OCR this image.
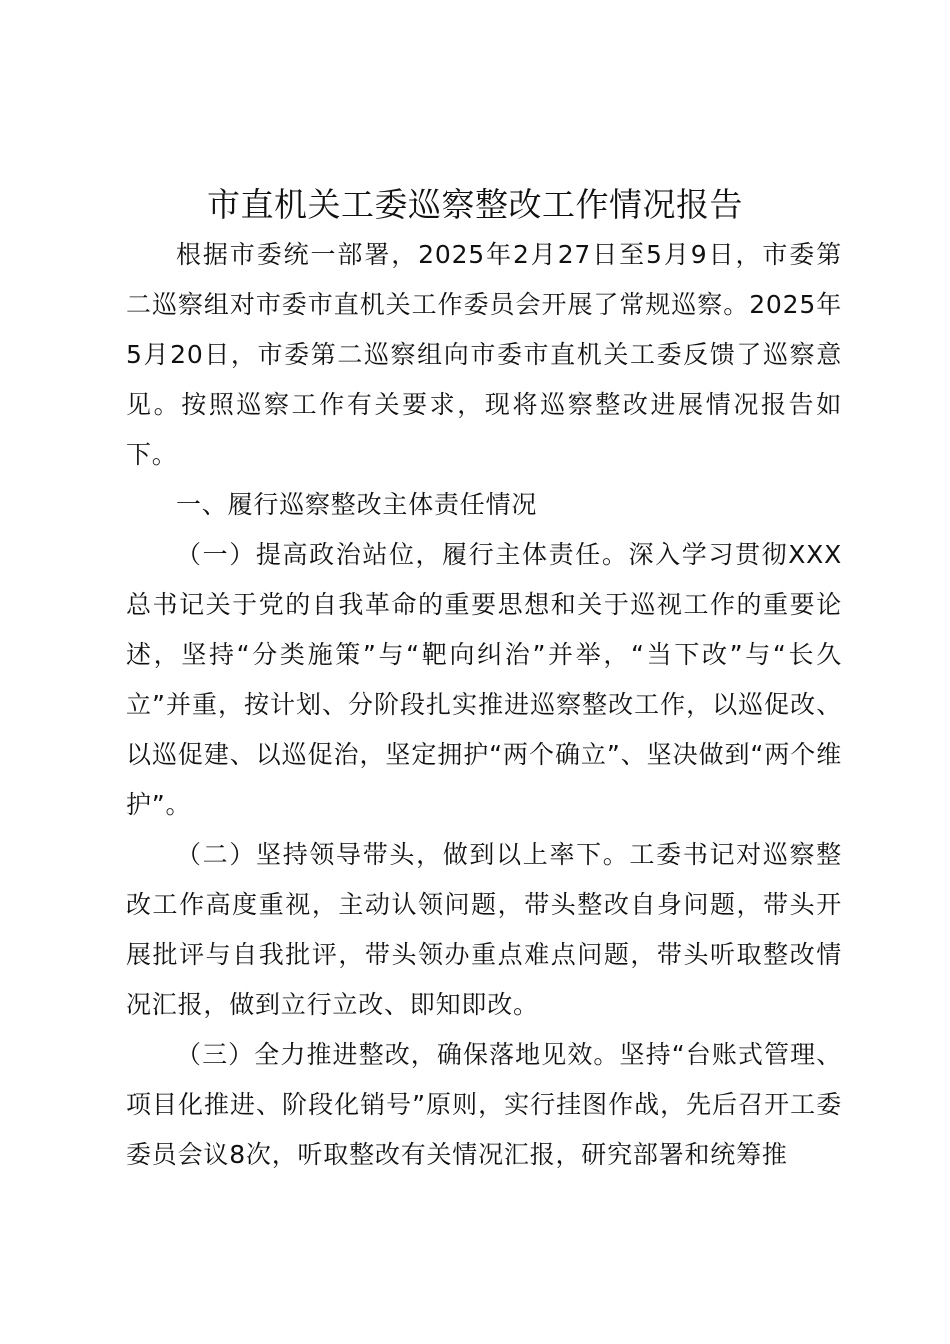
市直机关工委巡察整改工作情况报告

根据市委统一部署，2025年2月27日至5月9日，市委第二巡察组对市委市直机关工作委员会开展了常规巡察。2025年5月20日，市委第二巡察组向市委市直机关工委反馈了巡察意见。按照巡察工作有关要求，现将巡察整改进展情况报告如下。

一、履行巡察整改主体责任情况

（一）提高政治站位，履行主体责任。深入学习贯彻XXX总书记关于党的自我革命的重要思想和关于巡视工作的重要论述，坚持“分类施策”与“靶向纠治”并举，“当下改”与“长久立”并重，按计划、分阶段扎实推进巡察整改工作，以巡促改、以巡促建、以巡促治，坚定拥护“两个确立”、坚决做到“两个维护”。

（二）坚持领导带头，做到以上率下。工委书记对巡察整改工作高度重视，主动认领问题，带头整改自身问题，带头开展批评与自我批评，带头领办重点难点问题，带头听取整改情况汇报，做到立行立改、即知即改。

（三）全力推进整改，确保落地见效。坚持“台账式管理、项目化推进、阶段化销号”原则，实行挂图作战，先后召开工委委员会议8次，听取整改有关情况汇报，研究部署和统筹推
